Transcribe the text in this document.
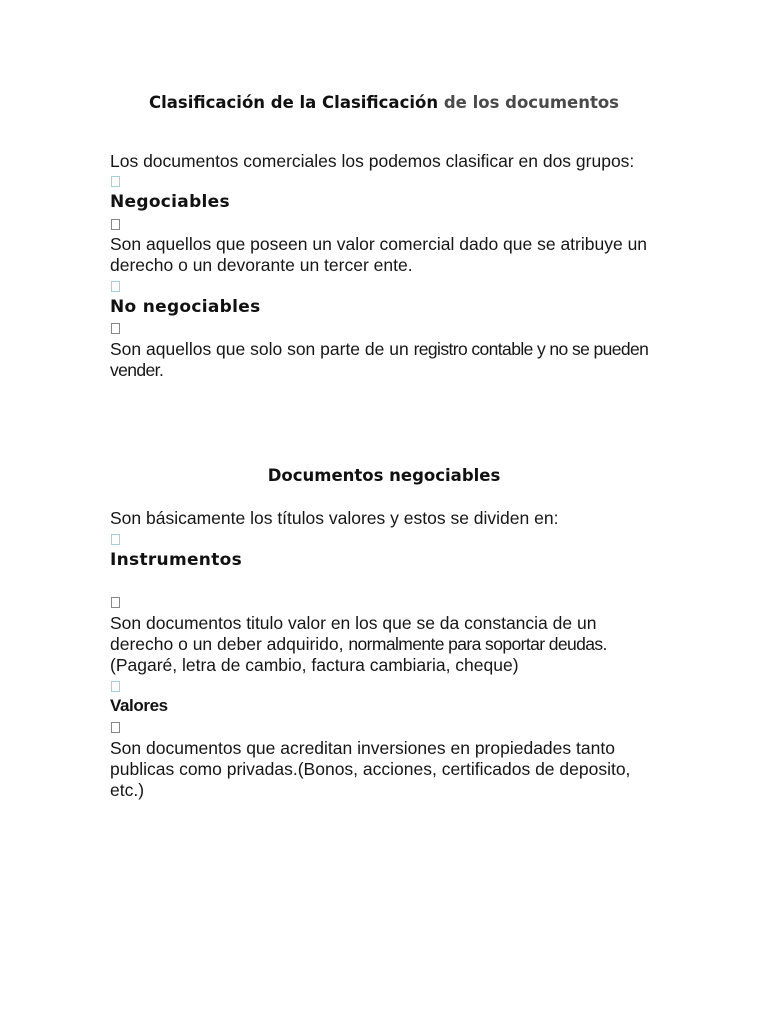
Clasificación de la Clasificación de los documentos
Los documentos comerciales los podemos clasificar en dos grupos:
Negociables
Son aquellos que poseen un valor comercial dado que se atribuye un derecho o un devorante un tercer ente.
No negociables
Son aquellos que solo son parte de un registro contable y no se pueden
vender.
Documentos negociables
Son básicamente los títulos valores y estos se dividen en:
Instrumentos
Son documentos titulo valor en los que se da constancia de un
derecho o un deber adquirido, normalmente para soportar deudas.
(Pagaré, letra de cambio, factura cambiaria, cheque)
Valores
Son documentos que acreditan inversiones en propiedades tanto publicas como privadas.(Bonos, acciones, certificados de deposito, etc.)
